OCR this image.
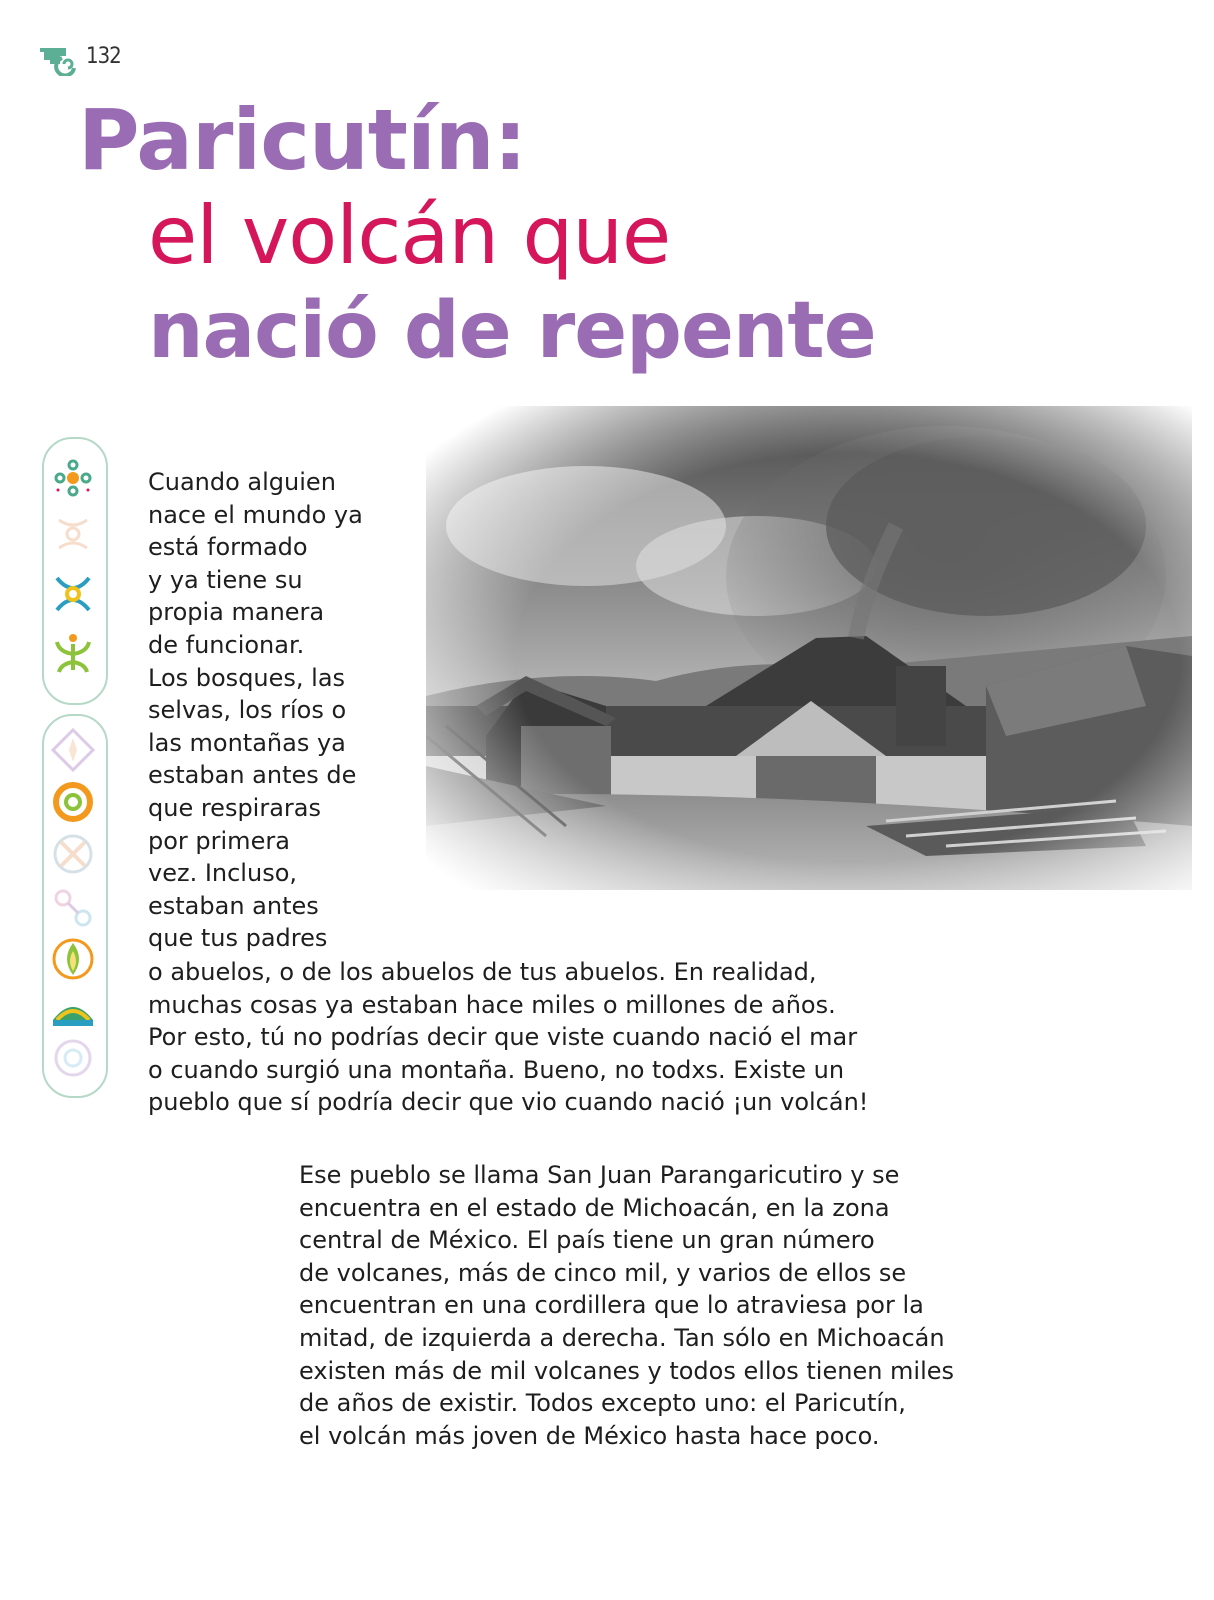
132
Paricutín:
el volcán que
nació de repente
Cuando alguien
nace el mundo ya
está formado
y ya tiene su
propia manera
de funcionar.
Los bosques, las
selvas, los ríos o
las montañas ya
estaban antes de
que respiraras
por primera
vez. Incluso,
estaban antes
que tus padres
o abuelos, o de los abuelos de tus abuelos. En realidad,
muchas cosas ya estaban hace miles o millones de años.
Por esto, tú no podrías decir que viste cuando nació el mar
o cuando surgió una montaña. Bueno, no todxs. Existe un
pueblo que sí podría decir que vio cuando nació ¡un volcán!
Ese pueblo se llama San Juan Parangaricutiro y se
encuentra en el estado de Michoacán, en la zona
central de México. El país tiene un gran número
de volcanes, más de cinco mil, y varios de ellos se
encuentran en una cordillera que lo atraviesa por la
mitad, de izquierda a derecha. Tan sólo en Michoacán
existen más de mil volcanes y todos ellos tienen miles
de años de existir. Todos excepto uno: el Paricutín,
el volcán más joven de México hasta hace poco.
